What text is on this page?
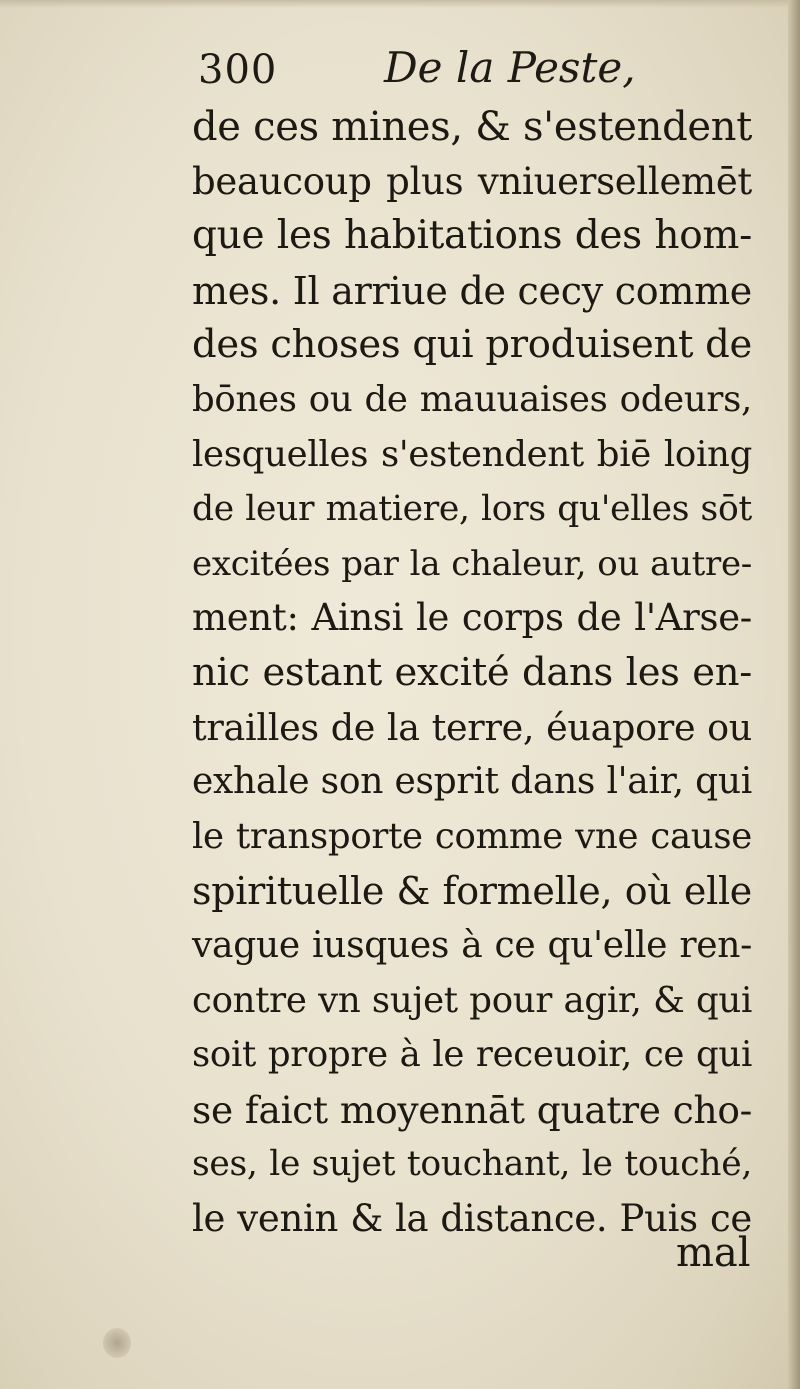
300	De la Peste,
de ces mines, & s'estendent
beaucoup plus vniuersellemēt
que les habitations des hom-
mes. Il arriue de cecy comme
des choses qui produisent de
bōnes ou de mauuaises odeurs,
lesquelles s'estendent biē loing
de leur matiere, lors qu'elles sōt
excitées par la chaleur, ou autre-
ment: Ainsi le corps de l'Arse-
nic estant excité dans les en-
trailles de la terre, éuapore ou
exhale son esprit dans l'air, qui
le transporte comme vne cause
spirituelle & formelle, où elle
vague iusques à ce qu'elle ren-
contre vn sujet pour agir, & qui
soit propre à le receuoir, ce qui
se faict moyennāt quatre cho-
ses, le sujet touchant, le touché,
le venin & la distance. Puis ce
mal
